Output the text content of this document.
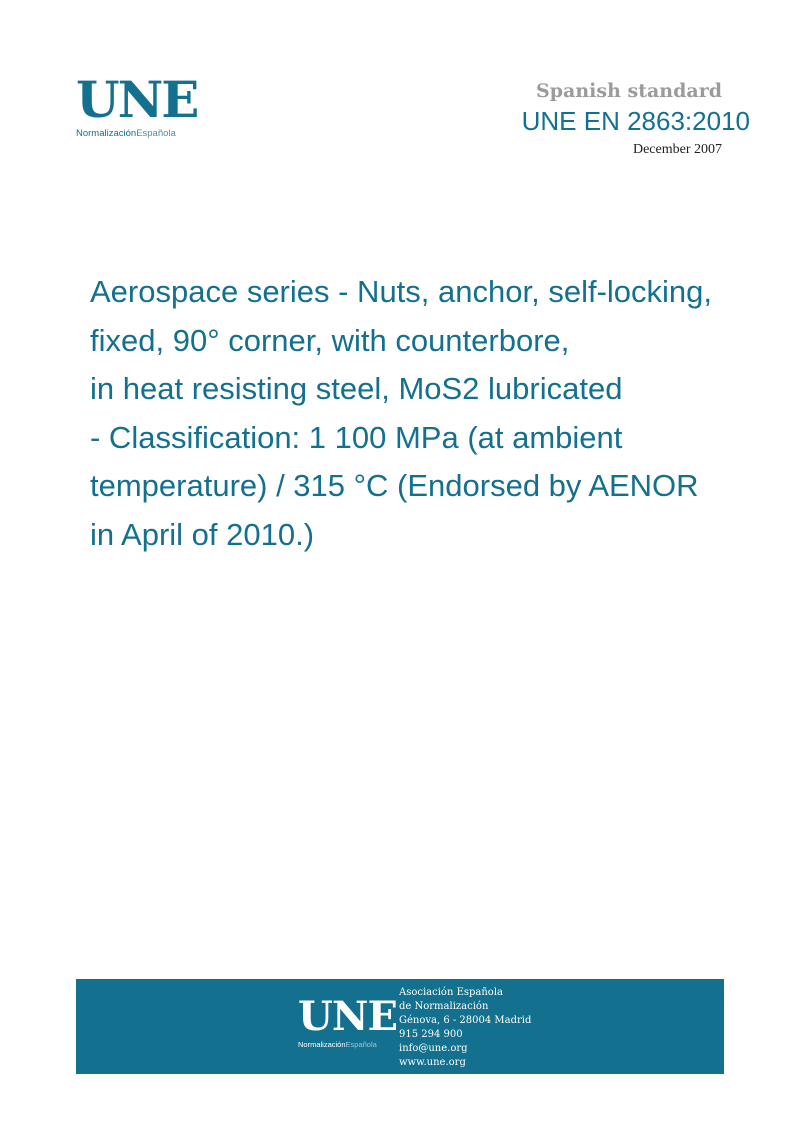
UNE
NormalizaciónEspañola
Spanish standard
UNE EN 2863:2010
December 2007
Aerospace series - Nuts, anchor, self-locking,
fixed, 90° corner, with counterbore,
in heat resisting steel, MoS2 lubricated
- Classification: 1 100 MPa (at ambient
temperature) / 315 °C (Endorsed by AENOR
in April of 2010.)
UNE
NormalizaciónEspañola
Asociación Española
de Normalización
Génova, 6 - 28004 Madrid
915 294 900
info@une.org
www.une.org
